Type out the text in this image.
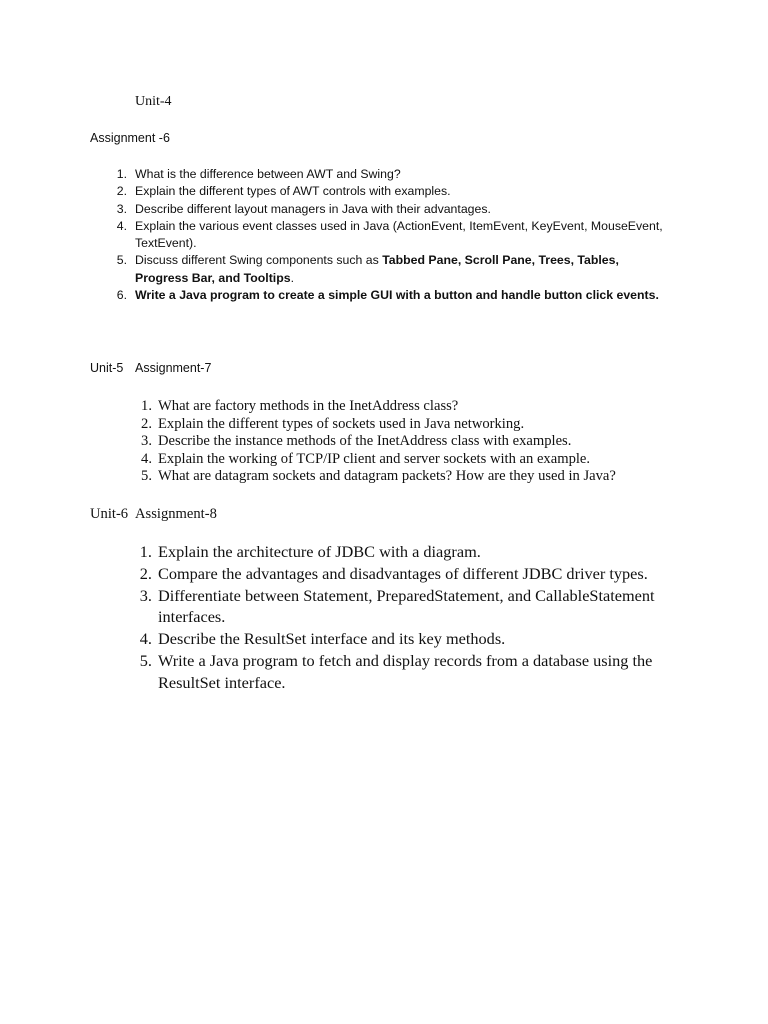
Unit-4
Assignment -6
1. What is the difference between AWT and Swing?
2. Explain the different types of AWT controls with examples.
3. Describe different layout managers in Java with their advantages.
4. Explain the various event classes used in Java (ActionEvent, ItemEvent, KeyEvent, MouseEvent, TextEvent).
5. Discuss different Swing components such as Tabbed Pane, Scroll Pane, Trees, Tables, Progress Bar, and Tooltips.
6. Write a Java program to create a simple GUI with a button and handle button click events.
Unit-5 Assignment-7
1. What are factory methods in the InetAddress class?
2. Explain the different types of sockets used in Java networking.
3. Describe the instance methods of the InetAddress class with examples.
4. Explain the working of TCP/IP client and server sockets with an example.
5. What are datagram sockets and datagram packets? How are they used in Java?
Unit-6 Assignment-8
1. Explain the architecture of JDBC with a diagram.
2. Compare the advantages and disadvantages of different JDBC driver types.
3. Differentiate between Statement, PreparedStatement, and CallableStatement interfaces.
4. Describe the ResultSet interface and its key methods.
5. Write a Java program to fetch and display records from a database using the ResultSet interface.
